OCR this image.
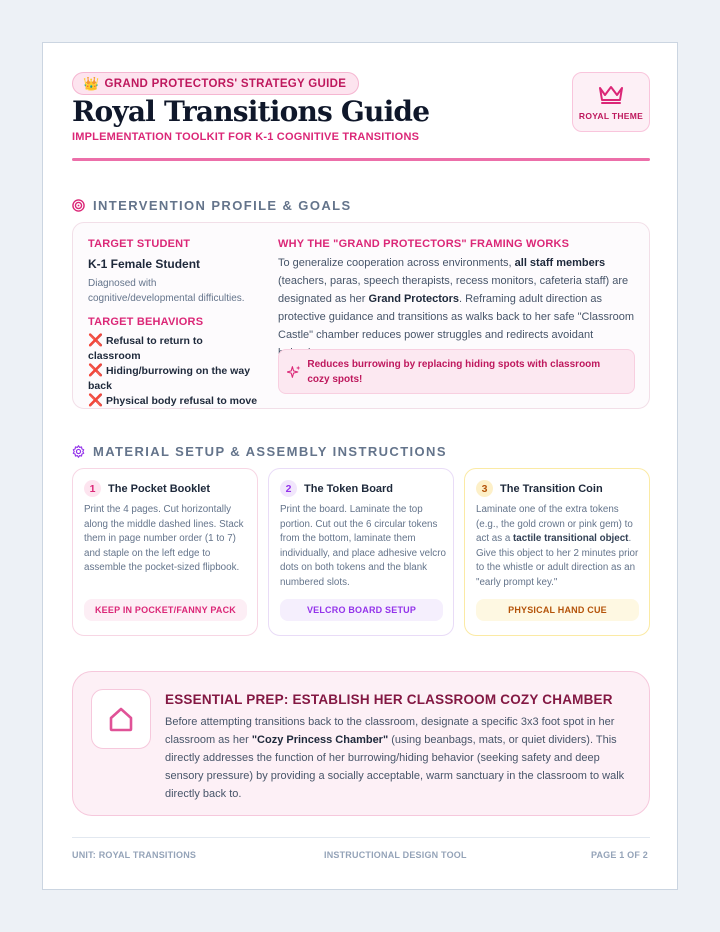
👑 GRAND PROTECTORS' STRATEGY GUIDE
Royal Transitions Guide
IMPLEMENTATION TOOLKIT FOR K-1 COGNITIVE TRANSITIONS
ROYAL THEME
INTERVENTION PROFILE & GOALS
TARGET STUDENT
K-1 Female Student
Diagnosed with
cognitive/developmental difficulties.
TARGET BEHAVIORS
❌ Refusal to return to classroom
❌ Hiding/burrowing on the way back
❌ Physical body refusal to move
WHY THE "GRAND PROTECTORS" FRAMING WORKS
To generalize cooperation across environments, all staff members (teachers, paras, speech therapists, recess monitors, cafeteria staff) are designated as her Grand Protectors. Reframing adult direction as protective guidance and transitions as walks back to her safe "Classroom Castle" chamber reduces power struggles and redirects avoidant
Reduces burrowing by replacing hiding spots with classroom cozy spots!
MATERIAL SETUP & ASSEMBLY INSTRUCTIONS
1	The Pocket Booklet
Print the 4 pages. Cut horizontally along the middle dashed lines. Stack them in page number order (1 to 7) and staple on the left edge to assemble the pocket-sized flipbook.
KEEP IN POCKET/FANNY PACK
2	The Token Board
Print the board. Laminate the top portion. Cut out the 6 circular tokens from the bottom, laminate them individually, and place adhesive velcro dots on both tokens and the blank numbered slots.
VELCRO BOARD SETUP
3	The Transition Coin
Laminate one of the extra tokens (e.g., the gold crown or pink gem) to act as a tactile transitional object. Give this object to her 2 minutes prior to the whistle or adult direction as an "early prompt key."
PHYSICAL HAND CUE
ESSENTIAL PREP: ESTABLISH HER CLASSROOM COZY CHAMBER
Before attempting transitions back to the classroom, designate a specific 3x3 foot spot in her classroom as her "Cozy Princess Chamber" (using beanbags, mats, or quiet dividers). This directly addresses the function of her burrowing/hiding behavior (seeking safety and deep sensory pressure) by providing a socially acceptable, warm sanctuary in the classroom to walk directly back to.
UNIT: ROYAL TRANSITIONS	INSTRUCTIONAL DESIGN TOOL	PAGE 1 OF 2
